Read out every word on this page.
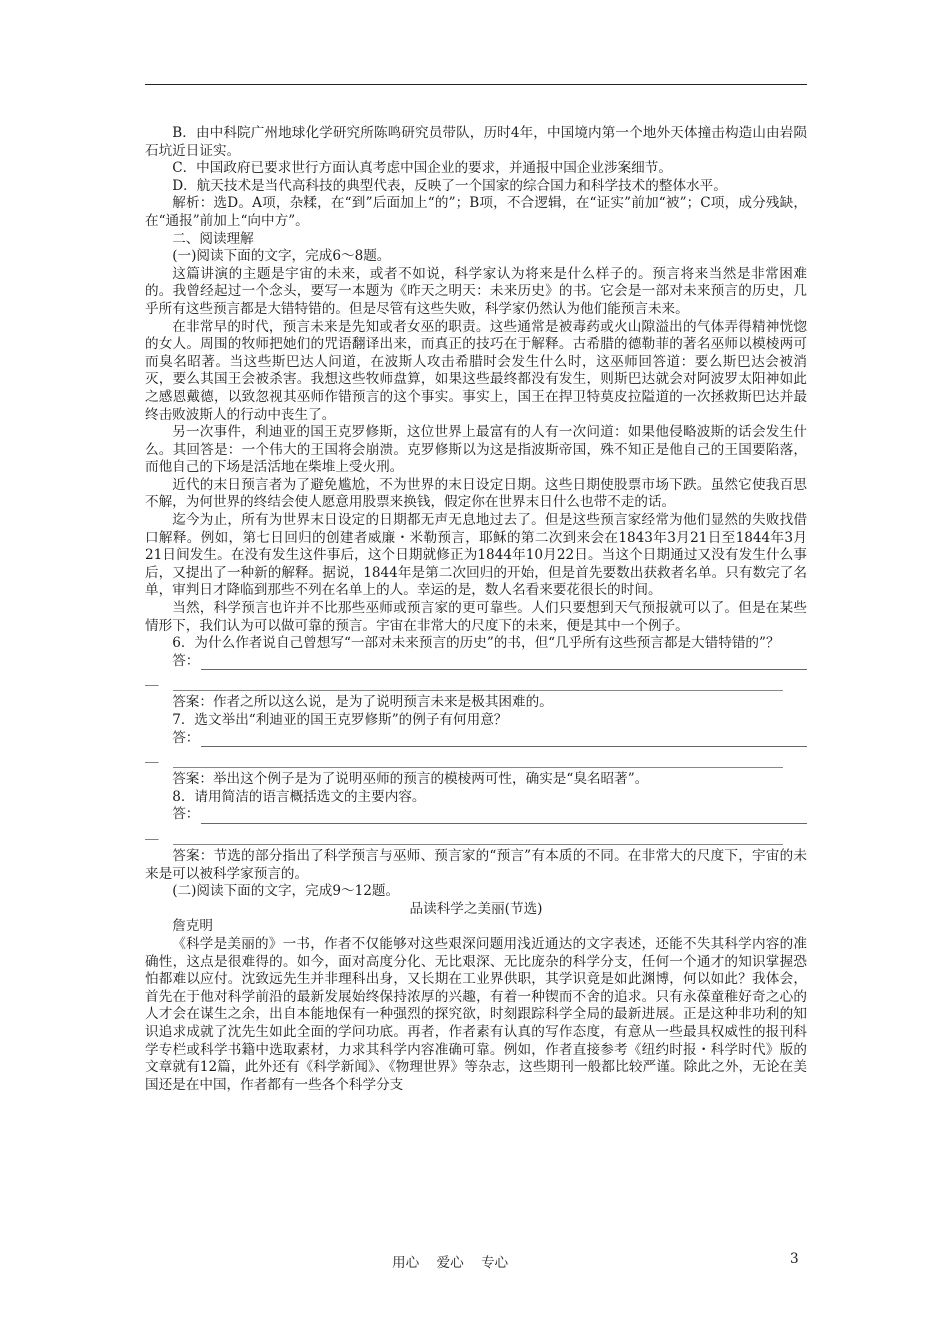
B．由中科院广州地球化学研究所陈鸣研究员带队，历时4年，中国境内第一个地外天体撞击构造山由岩陨石坑近日证实。

C．中国政府已要求世行方面认真考虑中国企业的要求，并通报中国企业涉案细节。

D．航天技术是当代高科技的典型代表，反映了一个国家的综合国力和科学技术的整体水平。

解析：选D。A项，杂糅，在“到”后面加上“的”；B项，不合逻辑，在“证实”前加“被”；C项，成分残缺，在“通报”前加上“向中方”。

二、阅读理解

(一)阅读下面的文字，完成6～8题。

这篇讲演的主题是宇宙的未来，或者不如说，科学家认为将来是什么样子的。预言将来当然是非常困难的。我曾经起过一个念头，要写一本题为《昨天之明天：未来历史》的书。它会是一部对未来预言的历史，几乎所有这些预言都是大错特错的。但是尽管有这些失败，科学家仍然认为他们能预言未来。

在非常早的时代，预言未来是先知或者女巫的职责。这些通常是被毒药或火山隙溢出的气体弄得精神恍惚的女人。周围的牧师把她们的咒语翻译出来，而真正的技巧在于解释。古希腊的德勒菲的著名巫师以模棱两可而臭名昭著。当这些斯巴达人问道，在波斯人攻击希腊时会发生什么时，这巫师回答道：要么斯巴达会被消灭，要么其国王会被杀害。我想这些牧师盘算，如果这些最终都没有发生，则斯巴达就会对阿波罗太阳神如此之感恩戴德，以致忽视其巫师作错预言的这个事实。事实上，国王在捍卫特莫皮拉隘道的一次拯救斯巴达并最终击败波斯人的行动中丧生了。

另一次事件，利迪亚的国王克罗修斯，这位世界上最富有的人有一次问道：如果他侵略波斯的话会发生什么。其回答是：一个伟大的王国将会崩溃。克罗修斯以为这是指波斯帝国，殊不知正是他自己的王国要陷落，而他自己的下场是活活地在柴堆上受火刑。

近代的末日预言者为了避免尴尬，不为世界的末日设定日期。这些日期使股票市场下跌。虽然它使我百思不解，为何世界的终结会使人愿意用股票来换钱，假定你在世界末日什么也带不走的话。

迄今为止，所有为世界末日设定的日期都无声无息地过去了。但是这些预言家经常为他们显然的失败找借口解释。例如，第七日回归的创建者威廉・米勒预言，耶稣的第二次到来会在1843年3月21日至1844年3月21日间发生。在没有发生这件事后，这个日期就修正为1844年10月22日。当这个日期通过又没有发生什么事后，又提出了一种新的解释。据说，1844年是第二次回归的开始，但是首先要数出获救者名单。只有数完了名单，审判日才降临到那些不列在名单上的人。幸运的是，数人名看来要花很长的时间。

当然，科学预言也许并不比那些巫师或预言家的更可靠些。人们只要想到天气预报就可以了。但是在某些情形下，我们认为可以做可靠的预言。宇宙在非常大的尺度下的未来，便是其中一个例子。

6．为什么作者说自己曾想写“一部对未来预言的历史”的书，但“几乎所有这些预言都是大错特错的”？

答：
＿

答案：作者之所以这么说，是为了说明预言未来是极其困难的。

7．选文举出“利迪亚的国王克罗修斯”的例子有何用意？

答：
＿

答案：举出这个例子是为了说明巫师的预言的模棱两可性，确实是“臭名昭著”。

8．请用简洁的语言概括选文的主要内容。

答：
＿

答案：节选的部分指出了科学预言与巫师、预言家的“预言”有本质的不同。在非常大的尺度下，宇宙的未来是可以被科学家预言的。

(二)阅读下面的文字，完成9～12题。

品读科学之美丽(节选)

詹克明

《科学是美丽的》一书，作者不仅能够对这些艰深问题用浅近通达的文字表述，还能不失其科学内容的准确性，这点是很难得的。如今，面对高度分化、无比艰深、无比庞杂的科学分支，任何一个通才的知识掌握恐怕都难以应付。沈致远先生并非理科出身，又长期在工业界供职，其学识竟是如此渊博，何以如此？我体会，首先在于他对科学前沿的最新发展始终保持浓厚的兴趣，有着一种锲而不舍的追求。只有永葆童稚好奇之心的人才会在谋生之余，出自本能地保有一种强烈的探究欲，时刻跟踪科学全局的最新进展。正是这种非功利的知识追求成就了沈先生如此全面的学问功底。再者，作者素有认真的写作态度，有意从一些最具权威性的报刊科学专栏或科学书籍中选取素材，力求其科学内容准确可靠。例如，作者直接参考《纽约时报・科学时代》版的文章就有12篇，此外还有《科学新闻》、《物理世界》等杂志，这些期刊一般都比较严谨。除此之外，无论在美国还是在中国，作者都有一些各个科学分支

用心    爱心    专心	3
